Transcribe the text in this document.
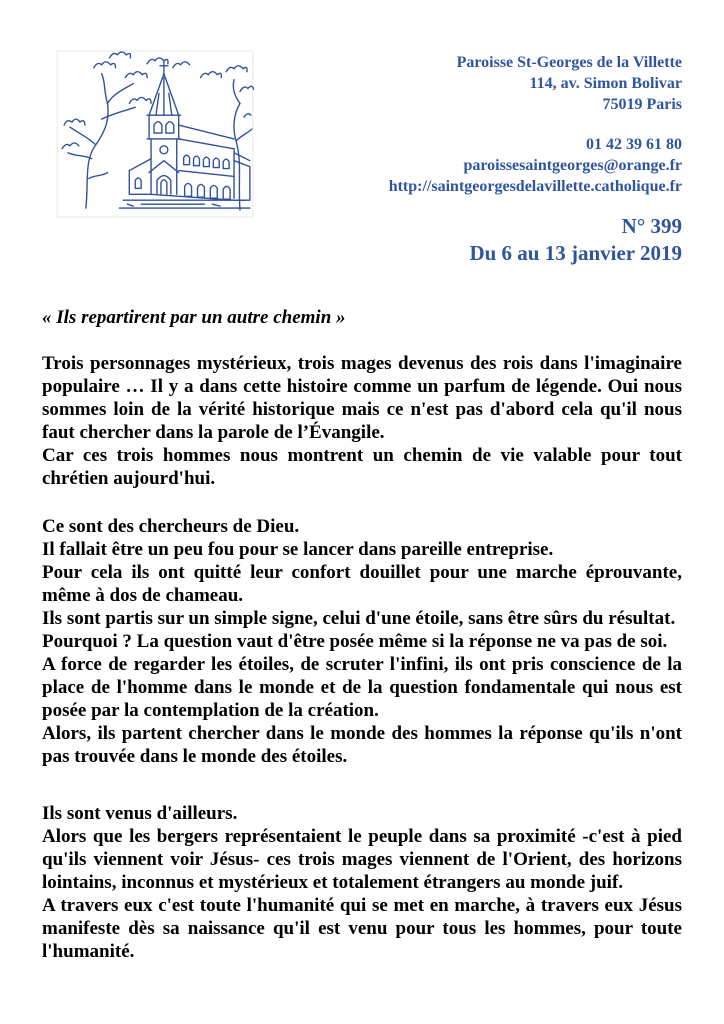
Paroisse St-Georges de la Villette
114, av. Simon Bolivar
75019 Paris
01 42 39 61 80
paroissesaintgeorges@orange.fr
http://saintgeorgesdelavillette.catholique.fr
N° 399
Du 6 au 13 janvier 2019

« Ils repartirent par un autre chemin »

Trois personnages mystérieux, trois mages devenus des rois dans l'imaginaire populaire … Il y a dans cette histoire comme un parfum de légende. Oui nous sommes loin de la vérité historique mais ce n'est pas d'abord cela qu'il nous faut chercher dans la parole de l’Évangile.

Car ces trois hommes nous montrent un chemin de vie valable pour tout chrétien aujourd'hui.

Ce sont des chercheurs de Dieu.

Il fallait être un peu fou pour se lancer dans pareille entreprise.

Pour cela ils ont quitté leur confort douillet pour une marche éprouvante, même à dos de chameau.

Ils sont partis sur un simple signe, celui d'une étoile, sans être sûrs du résultat.

Pourquoi ? La question vaut d'être posée même si la réponse ne va pas de soi.

A force de regarder les étoiles, de scruter l'infini, ils ont pris conscience de la place de l'homme dans le monde et de la question fondamentale qui nous est posée par la contemplation de la création.

Alors, ils partent chercher dans le monde des hommes la réponse qu'ils n'ont pas trouvée dans le monde des étoiles.

Ils sont venus d'ailleurs.

Alors que les bergers représentaient le peuple dans sa proximité -c'est à pied qu'ils viennent voir Jésus- ces trois mages viennent de l'Orient, des horizons lointains, inconnus et mystérieux et totalement étrangers au monde juif.

A travers eux c'est toute l'humanité qui se met en marche, à travers eux Jésus manifeste dès sa naissance qu'il est venu pour tous les hommes, pour toute l'humanité.
